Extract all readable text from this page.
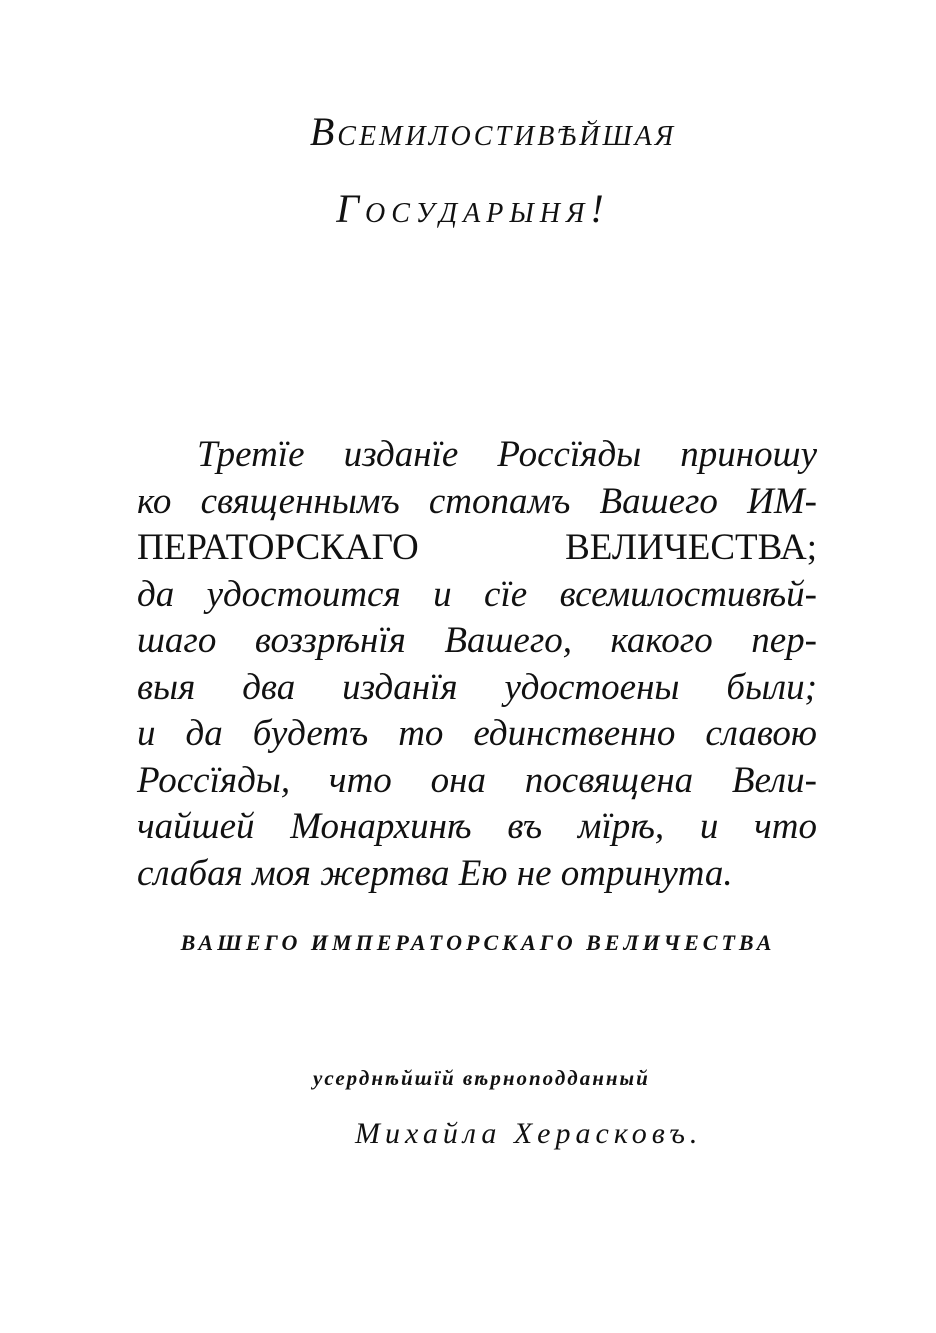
Всемилостивѣйшая
Государыня!
Третїе изданїе Россїяды приношу
ко священнымъ стопамъ Вашего ИМ-
ПЕРАТОРСКАГО ВЕЛИЧЕСТВА;
да удостоится и сїе всемилостивѣй-
шаго воззрѣнїя Вашего, какого пер-
выя два изданїя удостоены были;
и да будетъ то единственно славою
Россїяды, что она посвящена Вели-
чайшей Монархинѣ въ мїрѣ, и что
слабая моя жертва Ею не отринута.
ВАШЕГО ИМПЕРАТОРСКАГО ВЕЛИЧЕСТВА
усерднѣйшїй вѣрноподданный
Михайла Херасковъ.
